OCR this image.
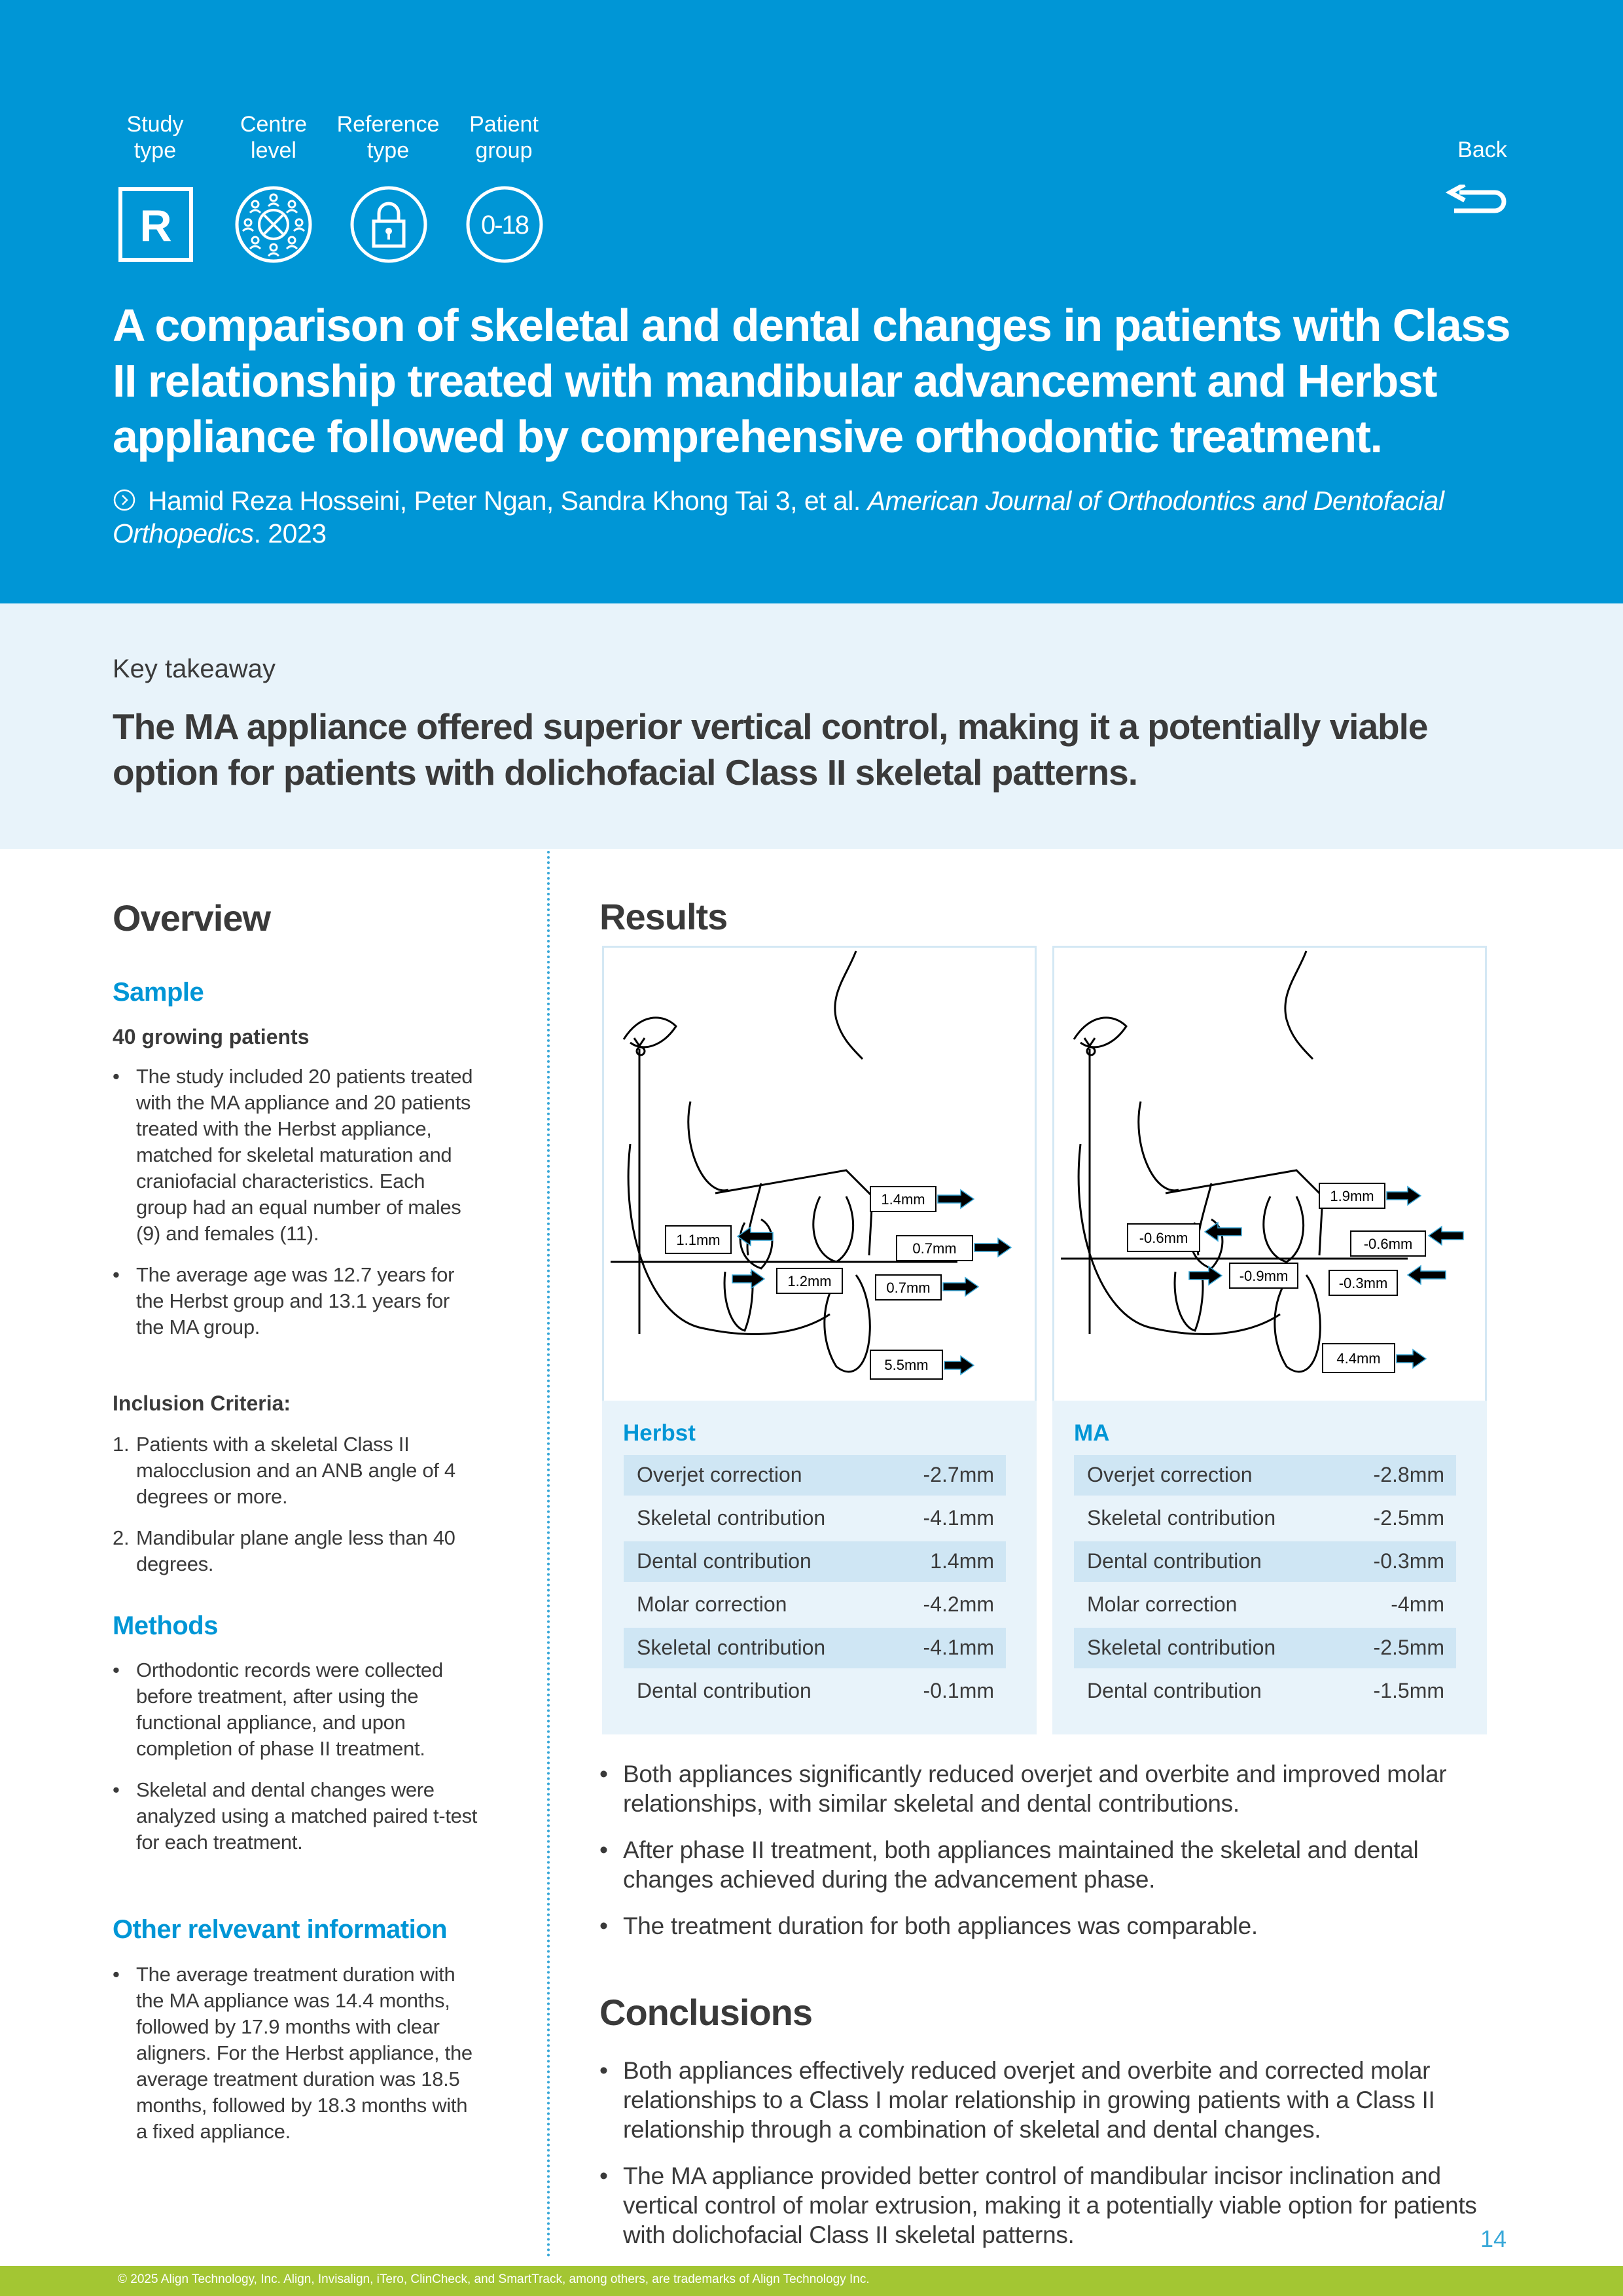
Study
type
Centre
level
Reference
type
Patient
group
R	0-18
Back
A comparison of skeletal and dental changes in patients with Class II relationship treated with mandibular advancement and Herbst appliance followed by comprehensive orthodontic treatment.
Hamid Reza Hosseini, Peter Ngan, Sandra Khong Tai 3, et al. American Journal of Orthodontics and Dentofacial Orthopedics. 2023
Key takeaway
The MA appliance offered superior vertical control, making it a potentially viable option for patients with dolichofacial Class II skeletal patterns.
Overview
Sample
40 growing patients
• The study included 20 patients treated with the MA appliance and 20 patients treated with the Herbst appliance, matched for skeletal maturation and craniofacial characteristics. Each group had an equal number of males (9) and females (11).
• The average age was 12.7 years for the Herbst group and 13.1 years for the MA group.
Inclusion Criteria:
1. Patients with a skeletal Class II malocclusion and an ANB angle of 4 degrees or more.
2. Mandibular plane angle less than 40 degrees.
Methods
• Orthodontic records were collected before treatment, after using the functional appliance, and upon completion of phase II treatment.
• Skeletal and dental changes were analyzed using a matched paired t-test for each treatment.
Other relvevant information
• The average treatment duration with the MA appliance was 14.4 months, followed by 17.9 months with clear aligners. For the Herbst appliance, the average treatment duration was 18.5 months, followed by 18.3 months with a fixed appliance.
Results
1.4mm
0.7mm
1.1mm
1.2mm	0.7mm
5.5mm
Herbst
Overjet correction	-2.7mm
Skeletal contribution	-4.1mm
Dental contribution	1.4mm
Molar correction	-4.2mm
Skeletal contribution	-4.1mm
Dental contribution	-0.1mm
1.9mm
-0.6mm	-0.6mm
-0.9mm	-0.3mm
4.4mm
MA
Overjet correction	-2.8mm
Skeletal contribution	-2.5mm
Dental contribution	-0.3mm
Molar correction	-4mm
Skeletal contribution	-2.5mm
Dental contribution	-1.5mm
• Both appliances significantly reduced overjet and overbite and improved molar relationships, with similar skeletal and dental contributions.
• After phase II treatment, both appliances maintained the skeletal and dental changes achieved during the advancement phase.
• The treatment duration for both appliances was comparable.
Conclusions
• Both appliances effectively reduced overjet and overbite and corrected molar relationships to a Class I molar relationship in growing patients with a Class II relationship through a combination of skeletal and dental changes.
• The MA appliance provided better control of mandibular incisor inclination and vertical control of molar extrusion, making it a potentially viable option for patients with dolichofacial Class II skeletal patterns.	14
© 2025 Align Technology, Inc. Align, Invisalign, iTero, ClinCheck, and SmartTrack, among others, are trademarks of Align Technology Inc.
